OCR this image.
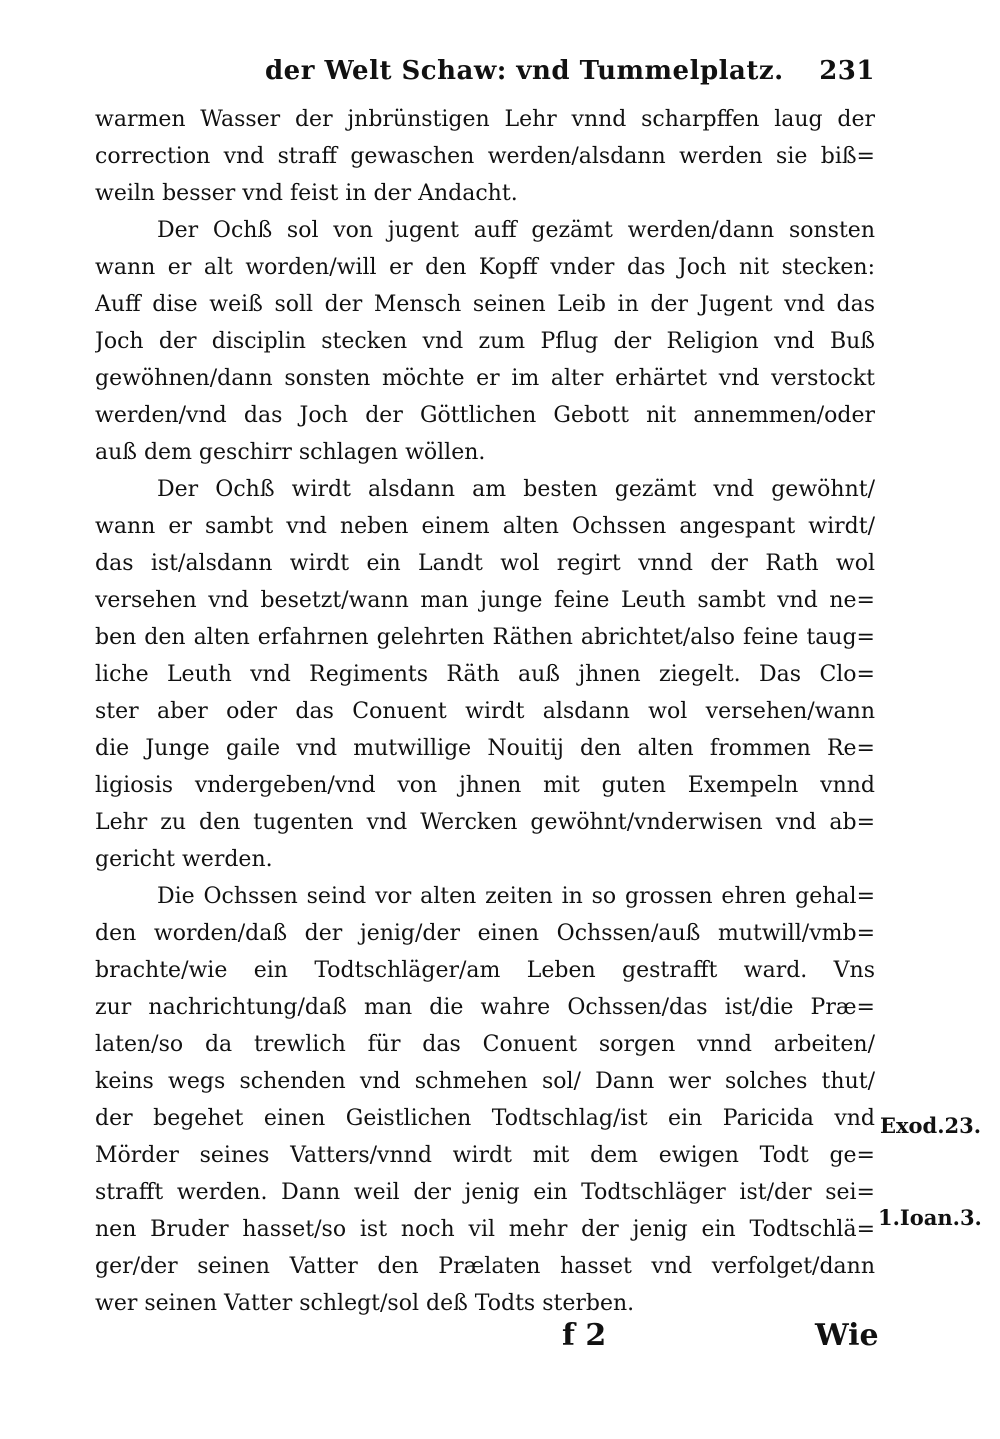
der Welt Schaw: vnd Tummelplatz. 231
warmen Wasser der jnbrünstigen Lehr vnnd scharpffen laug der
correction vnd straff gewaschen werden/alsdann werden sie biß=
weiln besser vnd feist in der Andacht.
Der Ochß sol von jugent auff gezämt werden/dann sonsten
wann er alt worden/will er den Kopff vnder das Joch nit stecken:
Auff dise weiß soll der Mensch seinen Leib in der Jugent vnd das
Joch der disciplin stecken vnd zum Pflug der Religion vnd Buß
gewöhnen/dann sonsten möchte er im alter erhärtet vnd verstockt
werden/vnd das Joch der Göttlichen Gebott nit annemmen/oder
auß dem geschirr schlagen wöllen.
Der Ochß wirdt alsdann am besten gezämt vnd gewöhnt/
wann er sambt vnd neben einem alten Ochssen angespant wirdt/
das ist/alsdann wirdt ein Landt wol regirt vnnd der Rath wol
versehen vnd besetzt/wann man junge feine Leuth sambt vnd ne=
ben den alten erfahrnen gelehrten Räthen abrichtet/also feine taug=
liche Leuth vnd Regiments Räth auß jhnen ziegelt. Das Clo=
ster aber oder das Conuent wirdt alsdann wol versehen/wann
die Junge gaile vnd mutwillige Nouitij den alten frommen Re=
ligiosis vndergeben/vnd von jhnen mit guten Exempeln vnnd
Lehr zu den tugenten vnd Wercken gewöhnt/vnderwisen vnd ab=
gericht werden.
Die Ochssen seind vor alten zeiten in so grossen ehren gehal=
den worden/daß der jenig/der einen Ochssen/auß mutwill/vmb=
brachte/wie ein Todtschläger/am Leben gestrafft ward. Vns
zur nachrichtung/daß man die wahre Ochssen/das ist/die Præ=
laten/so da trewlich für das Conuent sorgen vnnd arbeiten/
keins wegs schenden vnd schmehen sol/ Dann wer solches thut/
der begehet einen Geistlichen Todtschlag/ist ein Paricida vnd
Mörder seines Vatters/vnnd wirdt mit dem ewigen Todt ge=
strafft werden. Dann weil der jenig ein Todtschläger ist/der sei=
nen Bruder hasset/so ist noch vil mehr der jenig ein Todtschlä=
ger/der seinen Vatter den Prælaten hasset vnd verfolget/dann
wer seinen Vatter schlegt/sol deß Todts sterben.
Exod.23.
1.Ioan.3.
f 2	Wie
